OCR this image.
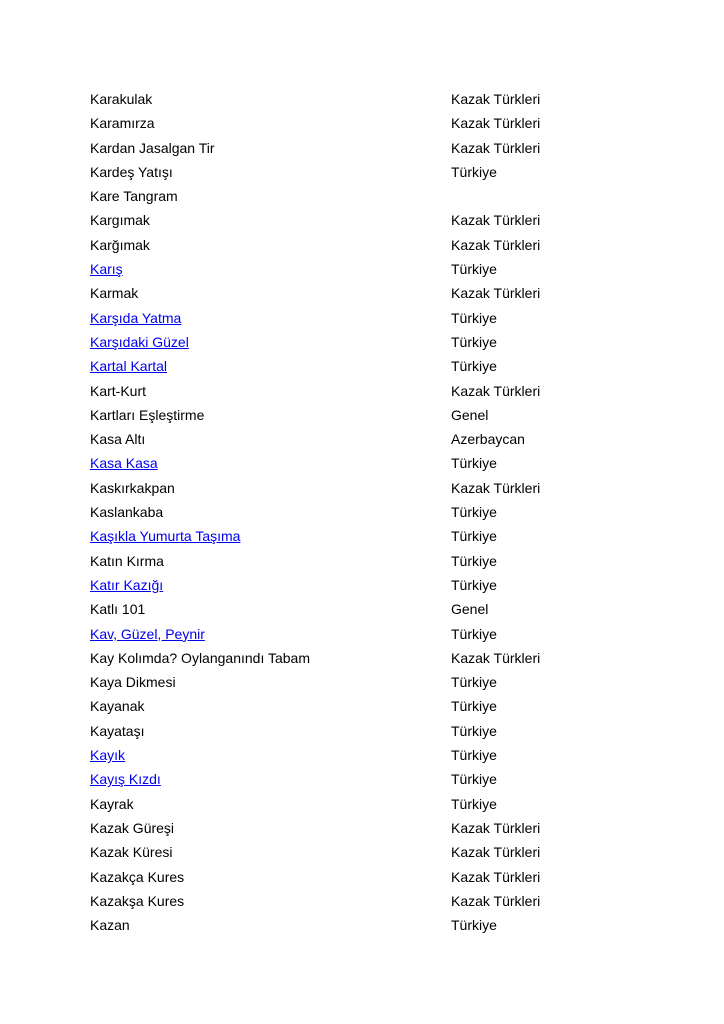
Karakulak	Kazak Türkleri
Karamırza	Kazak Türkleri
Kardan Jasalgan Tir	Kazak Türkleri
Kardeş Yatışı	Türkiye
Kare Tangram
Kargımak	Kazak Türkleri
Karğımak	Kazak Türkleri
Karış	Türkiye
Karmak	Kazak Türkleri
Karşıda Yatma	Türkiye
Karşıdaki Güzel	Türkiye
Kartal Kartal	Türkiye
Kart-Kurt	Kazak Türkleri
Kartları Eşleştirme	Genel
Kasa Altı	Azerbaycan
Kasa Kasa	Türkiye
Kaskırkakpan	Kazak Türkleri
Kaslankaba	Türkiye
Kaşıkla Yumurta Taşıma	Türkiye
Katın Kırma	Türkiye
Katır Kazığı	Türkiye
Katlı 101	Genel
Kav, Güzel, Peynir	Türkiye
Kay Kolımda? Oylanganındı Tabam	Kazak Türkleri
Kaya Dikmesi	Türkiye
Kayanak	Türkiye
Kayataşı	Türkiye
Kayık	Türkiye
Kayış Kızdı	Türkiye
Kayrak	Türkiye
Kazak Güreşi	Kazak Türkleri
Kazak Küresi	Kazak Türkleri
Kazakça Kures	Kazak Türkleri
Kazakşa Kures	Kazak Türkleri
Kazan	Türkiye
